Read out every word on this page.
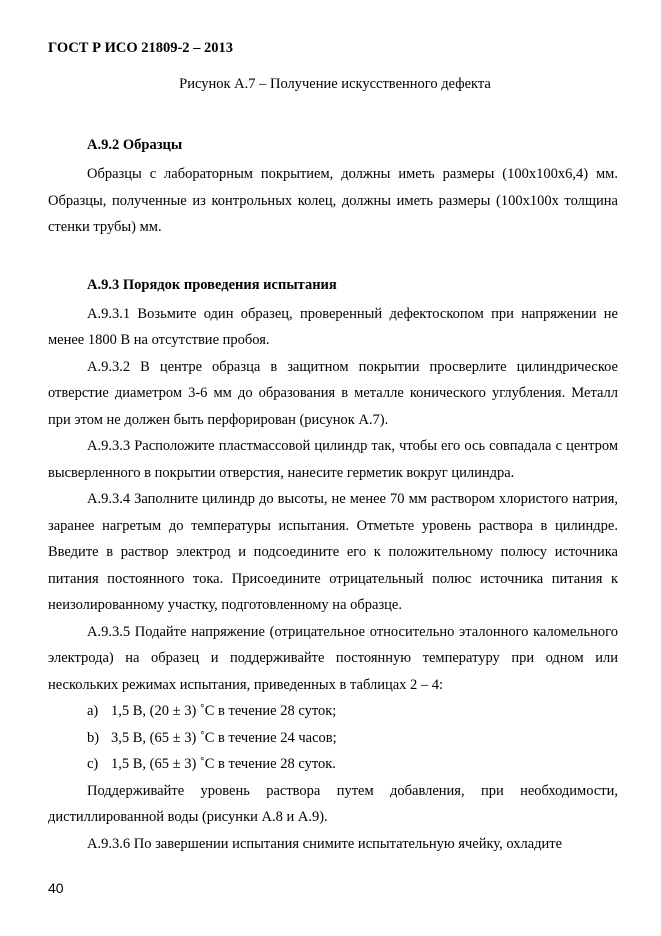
ГОСТ Р ИСО 21809-2 – 2013
Рисунок А.7 – Получение искусственного дефекта

А.9.2 Образцы

Образцы с лабораторным покрытием, должны иметь размеры (100x100x6,4) мм. Образцы, полученные из контрольных колец, должны иметь размеры (100x100x толщина стенки трубы) мм.

А.9.3 Порядок проведения испытания

А.9.3.1 Возьмите один образец, проверенный дефектоскопом при напряжении не менее 1800 В на отсутствие пробоя.

А.9.3.2 В центре образца в защитном покрытии просверлите цилиндрическое отверстие диаметром 3-6 мм до образования в металле конического углубления. Металл при этом не должен быть перфорирован (рисунок А.7).

А.9.3.3 Расположите пластмассовой цилиндр так, чтобы его ось совпадала с центром высверленного в покрытии отверстия, нанесите герметик вокруг цилиндра.

А.9.3.4 Заполните цилиндр до высоты, не менее 70 мм раствором хлористого натрия, заранее нагретым до температуры испытания. Отметьте уровень раствора в цилиндре. Введите в раствор электрод и подсоедините его к положительному полюсу источника питания постоянного тока. Присоедините отрицательный полюс источника питания к неизолированному участку, подготовленному на образце.

А.9.3.5 Подайте напряжение (отрицательное относительно эталонного каломельного электрода) на образец и поддерживайте постоянную температуру при одном или нескольких режимах испытания, приведенных в таблицах 2 – 4:

a) 1,5 В, (20 ± 3) ˚С в течение 28 суток;
b) 3,5 В, (65 ± 3) ˚С в течение 24 часов;
c) 1,5 В, (65 ± 3) ˚С в течение 28 суток.

Поддерживайте уровень раствора путем добавления, при необходимости, дистиллированной воды (рисунки А.8 и А.9).

А.9.3.6 По завершении испытания снимите испытательную ячейку, охладите

40
